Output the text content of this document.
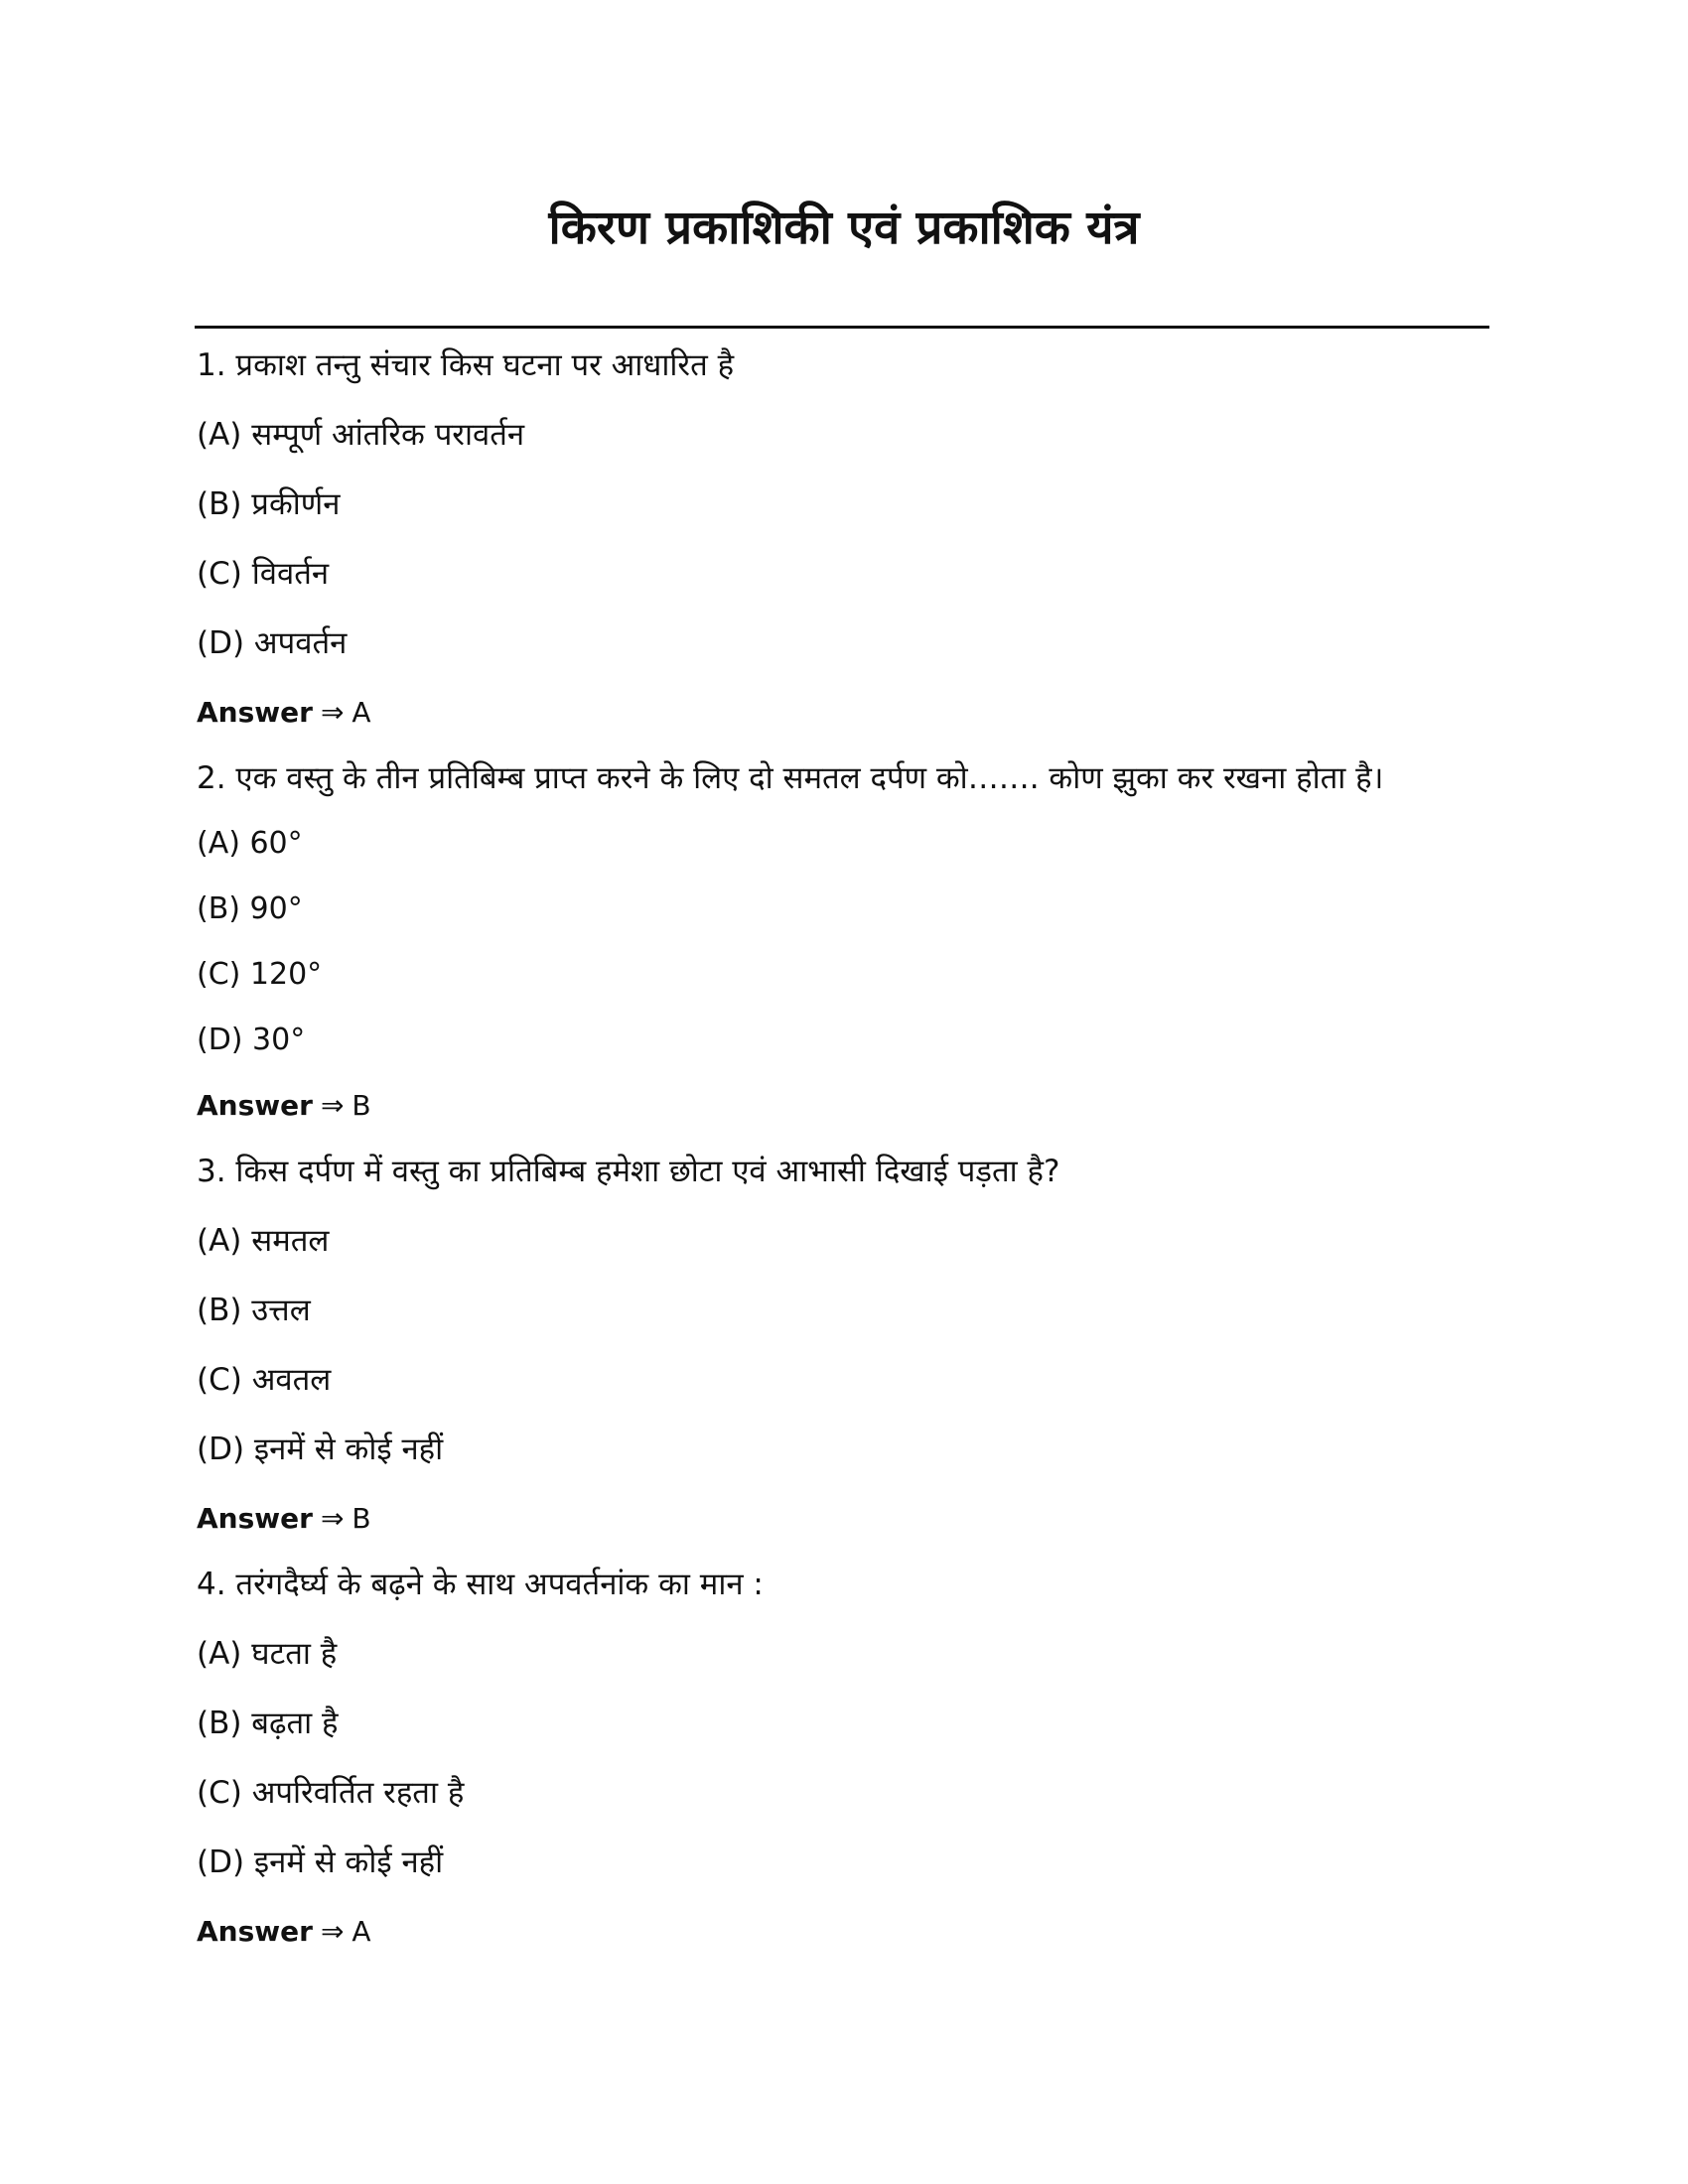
किरण प्रकाशिकी एवं प्रकाशिक यंत्र
1. प्रकाश तन्तु संचार किस घटना पर आधारित है
(A) सम्पूर्ण आंतरिक परावर्तन
(B) प्रकीर्णन
(C) विवर्तन
(D) अपवर्तन
Answer ⇒ A
2. एक वस्तु के तीन प्रतिबिम्ब प्राप्त करने के लिए दो समतल दर्पण को……. कोण झुका कर रखना होता है।
(A) 60°
(B) 90°
(C) 120°
(D) 30°
Answer ⇒ B
3. किस दर्पण में वस्तु का प्रतिबिम्ब हमेशा छोटा एवं आभासी दिखाई पड़ता है?
(A) समतल
(B) उत्तल
(C) अवतल
(D) इनमें से कोई नहीं
Answer ⇒ B
4. तरंगदैर्घ्य के बढ़ने के साथ अपवर्तनांक का मान :
(A) घटता है
(B) बढ़ता है
(C) अपरिवर्तित रहता है
(D) इनमें से कोई नहीं
Answer ⇒ A
